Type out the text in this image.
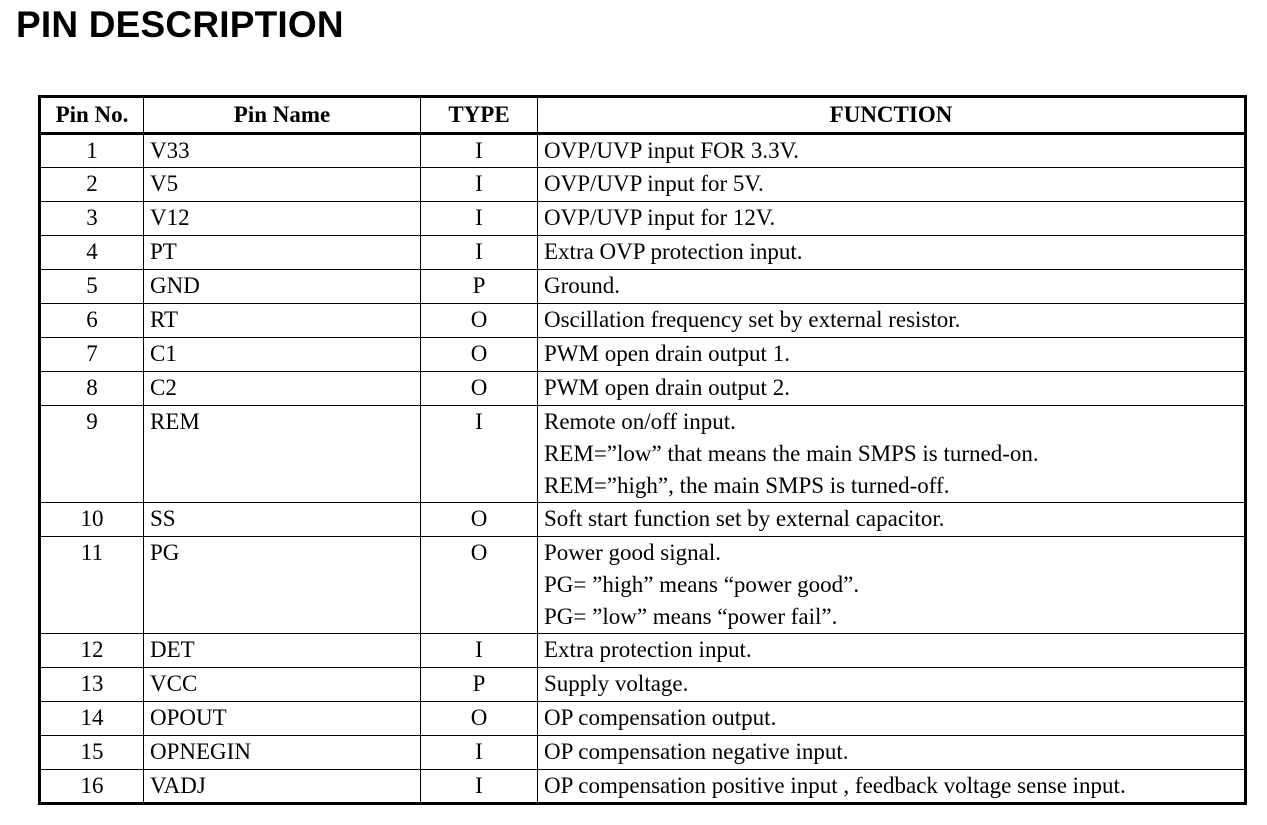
PIN DESCRIPTION
Pin No.	Pin Name	TYPE	FUNCTION
1	V33	I	OVP/UVP input FOR 3.3V.

2	V5	I	OVP/UVP input for 5V.

3	V12	I	OVP/UVP input for 12V.

4	PT	I	Extra OVP protection input.

5	GND	P	Ground.

6	RT	O	Oscillation frequency set by external resistor.

7	C1	O	PWM open drain output 1.

8	C2	O	PWM open drain output 2.

9	REM	I	Remote on/off input.
REM=”low” that means the main SMPS is turned-on.
REM=”high”, the main SMPS is turned-off.

10	SS	O	Soft start function set by external capacitor.

11	PG	O	Power good signal.
PG= ”high” means “power good”.
PG= ”low” means “power fail”.

12	DET	I	Extra protection input.

13	VCC	P	Supply voltage.

14	OPOUT	O	OP compensation output.

15	OPNEGIN	I	OP compensation negative input.

16	VADJ	I	OP compensation positive input , feedback voltage sense input.
